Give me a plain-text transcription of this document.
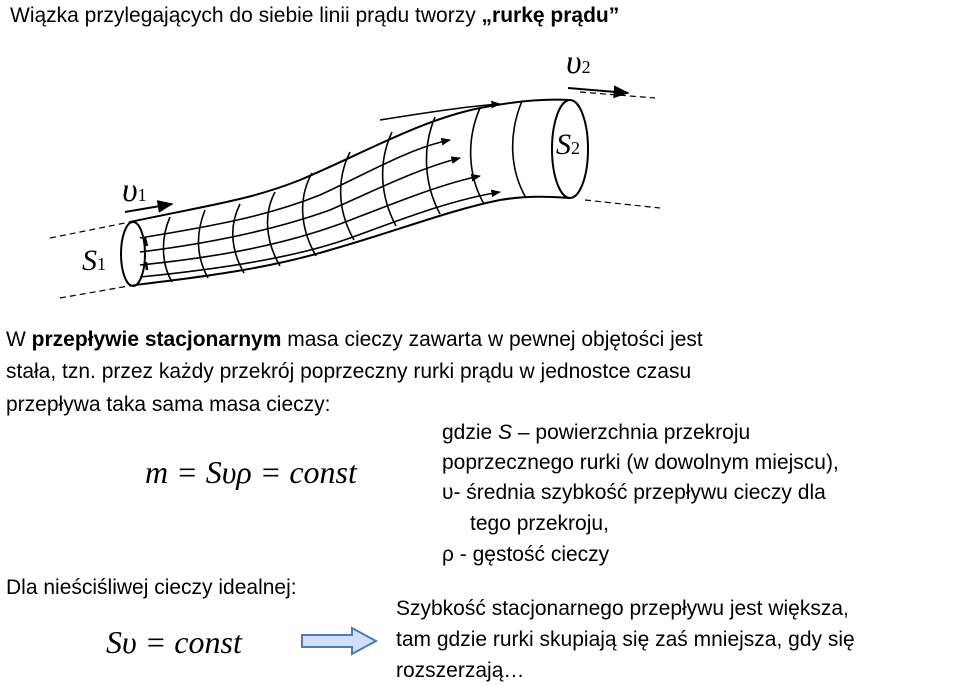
Wiązka przylegających do siebie linii prądu tworzy „rurkę prądu”
υ1
υ2
S1
S2
W przepływie stacjonarnym masa cieczy zawarta w pewnej objętości jest
stała, tzn. przez każdy przekrój poprzeczny rurki prądu w jednostce czasu
przepływa taka sama masa cieczy:
m = Sυρ = const
gdzie S – powierzchnia przekroju
poprzecznego rurki (w dowolnym miejscu),
υ- średnia szybkość przepływu cieczy dla
tego przekroju,
ρ - gęstość cieczy
Dla nieściśliwej cieczy idealnej:
Sυ = const
Szybkość stacjonarnego przepływu jest większa,
tam gdzie rurki skupiają się zaś mniejsza, gdy się
rozszerzają…
